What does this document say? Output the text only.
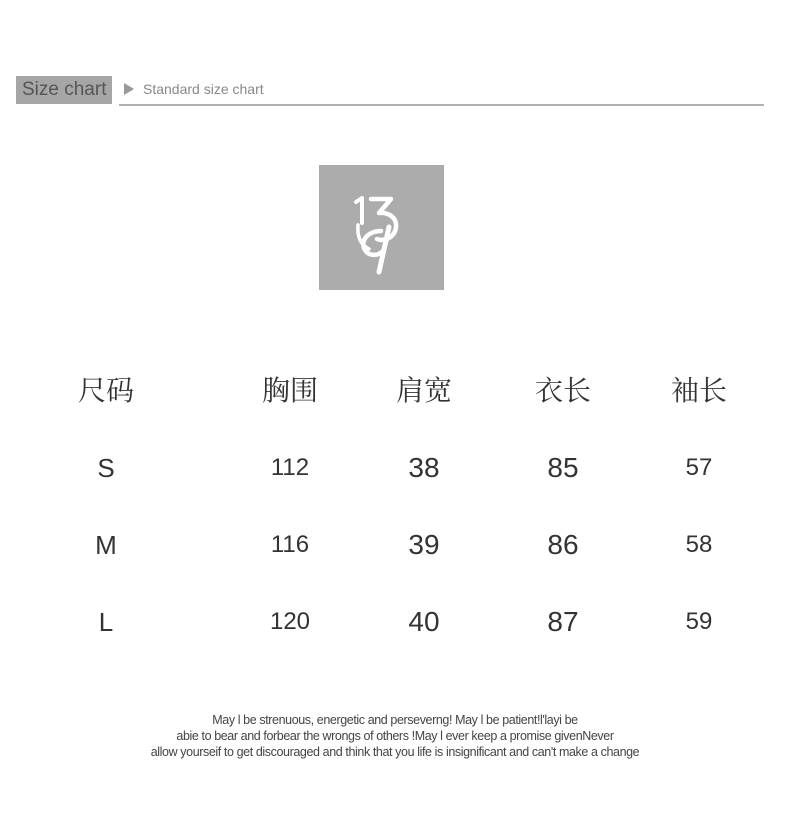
Size chart	Standard size chart
尺码	胸围	肩宽	衣长	袖长
S	112	38	85	57
M	116	39	86	58
L	120	40	87	59
May l be strenuous, energetic and perseverng! May l be patient!l'layi be
abie to bear and forbear the wrongs of others !May l ever keep a promise givenNever
allow yourseif to get discouraged and think that you life is insignificant and can't make a change
